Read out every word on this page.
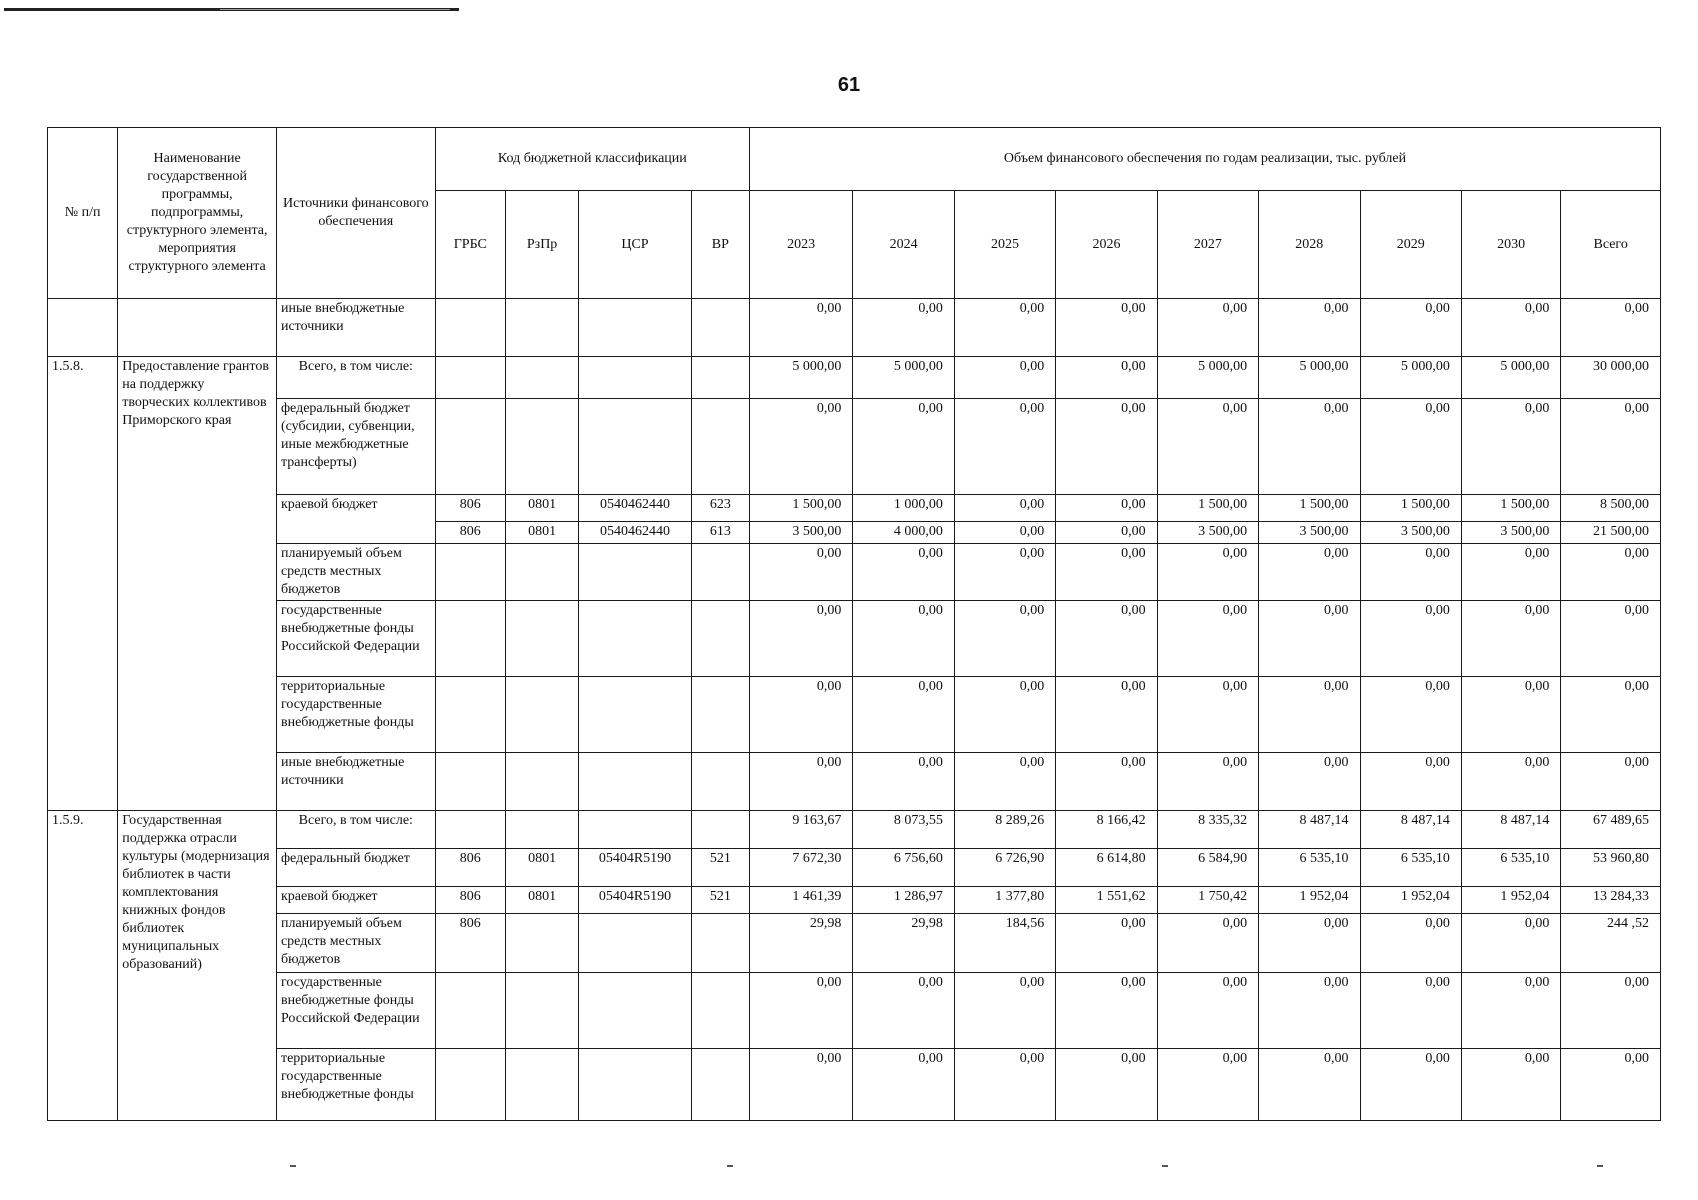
61
№ п/п	Наименование государственной программы, подпрограммы, структурного элемента, мероприятия структурного элемента	Источники финансового обеспечения	Код бюджетной классификации				Объем финансового обеспечения по годам реализации, тыс. рублей								
			ГРБС	РзПр	ЦСР	ВР	2023	2024	2025	2026	2027	2028	2029	2030	Всего
		иные внебюджетные источники					0,00	0,00	0,00	0,00	0,00	0,00	0,00	0,00	0,00
1.5.8.	Предоставление грантов на поддержку творческих коллективов Приморского края	Всего, в том числе:					5 000,00	5 000,00	0,00	0,00	5 000,00	5 000,00	5 000,00	5 000,00	30 000,00
		федеральный бюджет (субсидии, субвенции, иные межбюджетные трансферты)					0,00	0,00	0,00	0,00	0,00	0,00	0,00	0,00	0,00
		краевой бюджет	806	0801	0540462440	623	1 500,00	1 000,00	0,00	0,00	1 500,00	1 500,00	1 500,00	1 500,00	8 500,00
			806	0801	0540462440	613	3 500,00	4 000,00	0,00	0,00	3 500,00	3 500,00	3 500,00	3 500,00	21 500,00
		планируемый объем средств местных бюджетов					0,00	0,00	0,00	0,00	0,00	0,00	0,00	0,00	0,00
		государственные внебюджетные фонды Российской Федерации					0,00	0,00	0,00	0,00	0,00	0,00	0,00	0,00	0,00
		территориальные государственные внебюджетные фонды					0,00	0,00	0,00	0,00	0,00	0,00	0,00	0,00	0,00
		иные внебюджетные источники					0,00	0,00	0,00	0,00	0,00	0,00	0,00	0,00	0,00
1.5.9.	Государственная поддержка отрасли культуры (модернизация библиотек в части комплектования книжных фондов библиотек муниципальных образований)	Всего, в том числе:					9 163,67	8 073,55	8 289,26	8 166,42	8 335,32	8 487,14	8 487,14	8 487,14	67 489,65
		федеральный бюджет	806	0801	05404R5190	521	7 672,30	6 756,60	6 726,90	6 614,80	6 584,90	6 535,10	6 535,10	6 535,10	53 960,80
		краевой бюджет	806	0801	05404R5190	521	1 461,39	1 286,97	1 377,80	1 551,62	1 750,42	1 952,04	1 952,04	1 952,04	13 284,33
		планируемый объем средств местных бюджетов	806				29,98	29,98	184,56	0,00	0,00	0,00	0,00	0,00	244 ,52
		государственные внебюджетные фонды Российской Федерации					0,00	0,00	0,00	0,00	0,00	0,00	0,00	0,00	0,00
		территориальные государственные внебюджетные фонды					0,00	0,00	0,00	0,00	0,00	0,00	0,00	0,00	0,00
